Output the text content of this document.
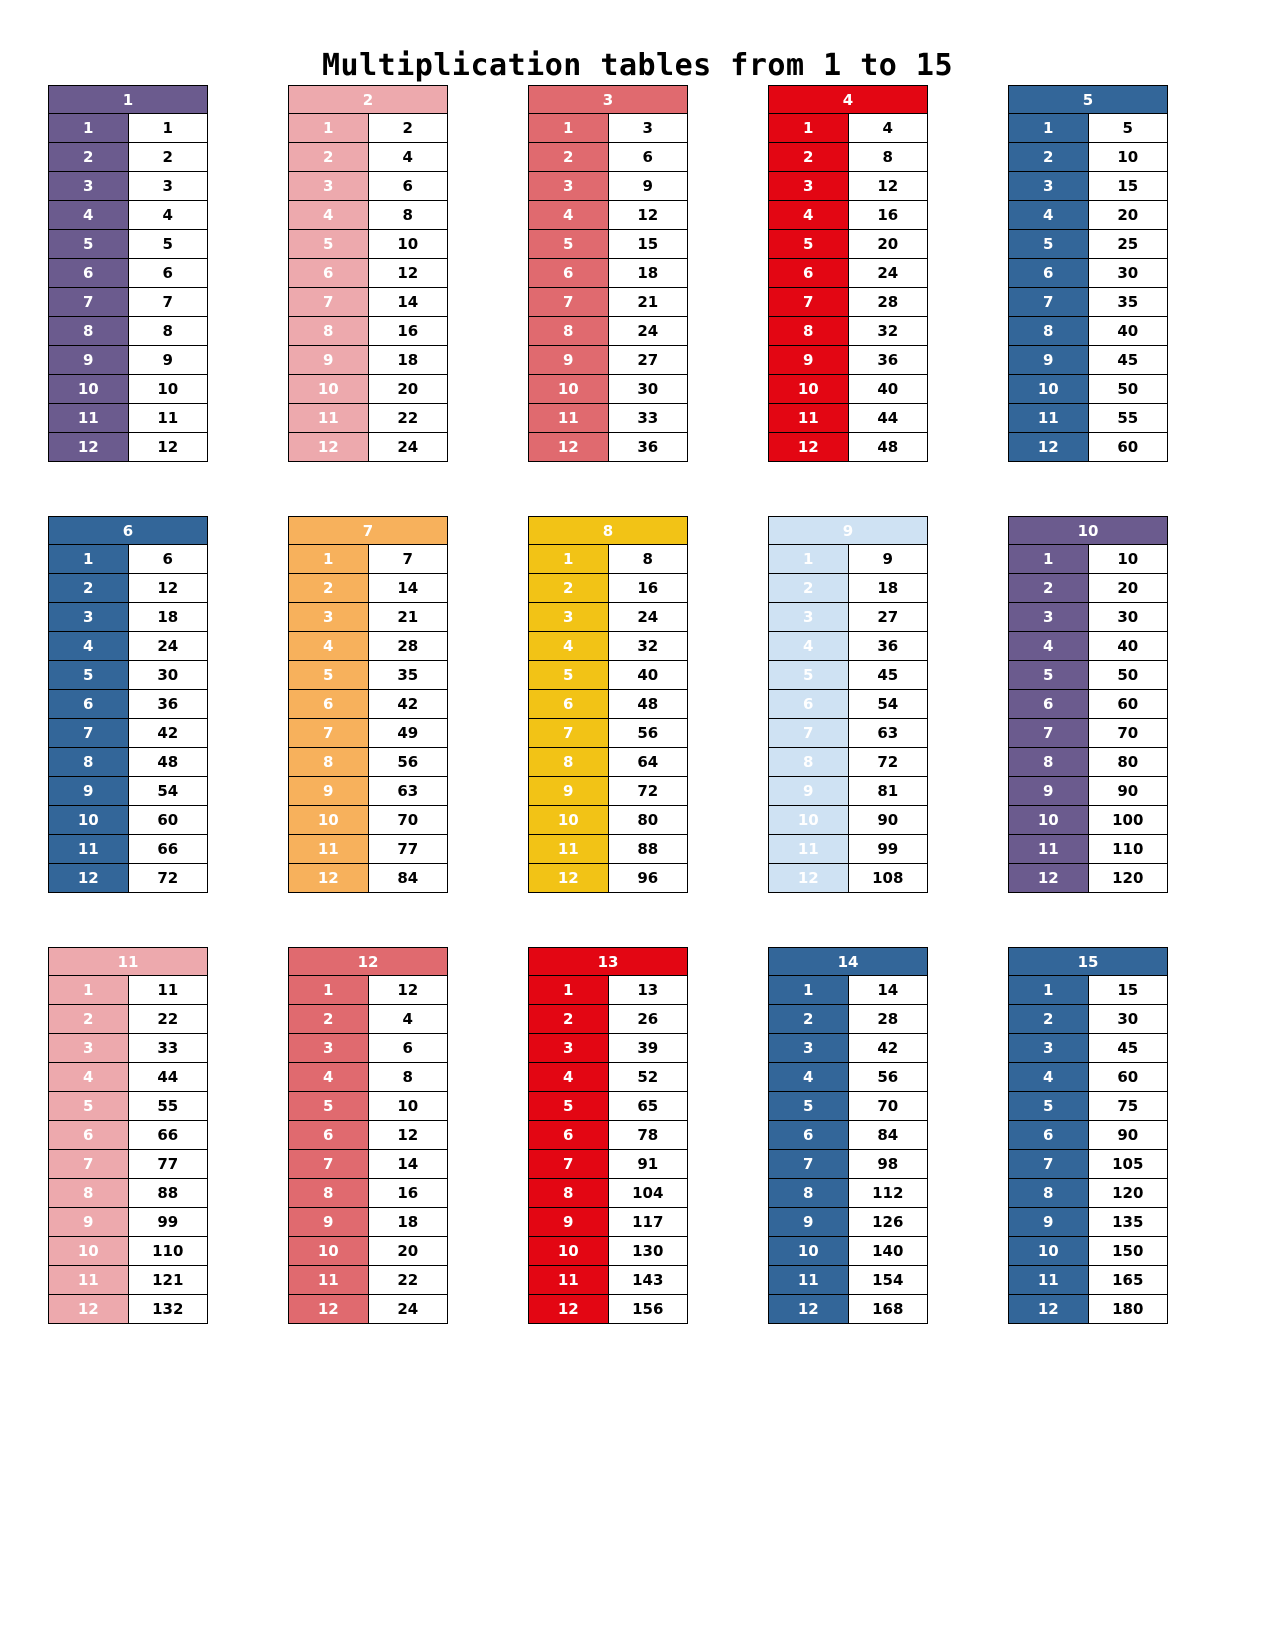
Multiplication tables from 1 to 15
1	
1	1
2	2
3	3
4	4
5	5
6	6
7	7
8	8
9	9
10	10
11	11
12	12
2	
1	2
2	4
3	6
4	8
5	10
6	12
7	14
8	16
9	18
10	20
11	22
12	24
3	
1	3
2	6
3	9
4	12
5	15
6	18
7	21
8	24
9	27
10	30
11	33
12	36
4	
1	4
2	8
3	12
4	16
5	20
6	24
7	28
8	32
9	36
10	40
11	44
12	48
5	
1	5
2	10
3	15
4	20
5	25
6	30
7	35
8	40
9	45
10	50
11	55
12	60
6	
1	6
2	12
3	18
4	24
5	30
6	36
7	42
8	48
9	54
10	60
11	66
12	72
7	
1	7
2	14
3	21
4	28
5	35
6	42
7	49
8	56
9	63
10	70
11	77
12	84
8	
1	8
2	16
3	24
4	32
5	40
6	48
7	56
8	64
9	72
10	80
11	88
12	96
9	
1	9
2	18
3	27
4	36
5	45
6	54
7	63
8	72
9	81
10	90
11	99
12	108
10	
1	10
2	20
3	30
4	40
5	50
6	60
7	70
8	80
9	90
10	100
11	110
12	120
11	
1	11
2	22
3	33
4	44
5	55
6	66
7	77
8	88
9	99
10	110
11	121
12	132
12	
1	12
2	4
3	6
4	8
5	10
6	12
7	14
8	16
9	18
10	20
11	22
12	24
13	
1	13
2	26
3	39
4	52
5	65
6	78
7	91
8	104
9	117
10	130
11	143
12	156
14	
1	14
2	28
3	42
4	56
5	70
6	84
7	98
8	112
9	126
10	140
11	154
12	168
15	
1	15
2	30
3	45
4	60
5	75
6	90
7	105
8	120
9	135
10	150
11	165
12	180
